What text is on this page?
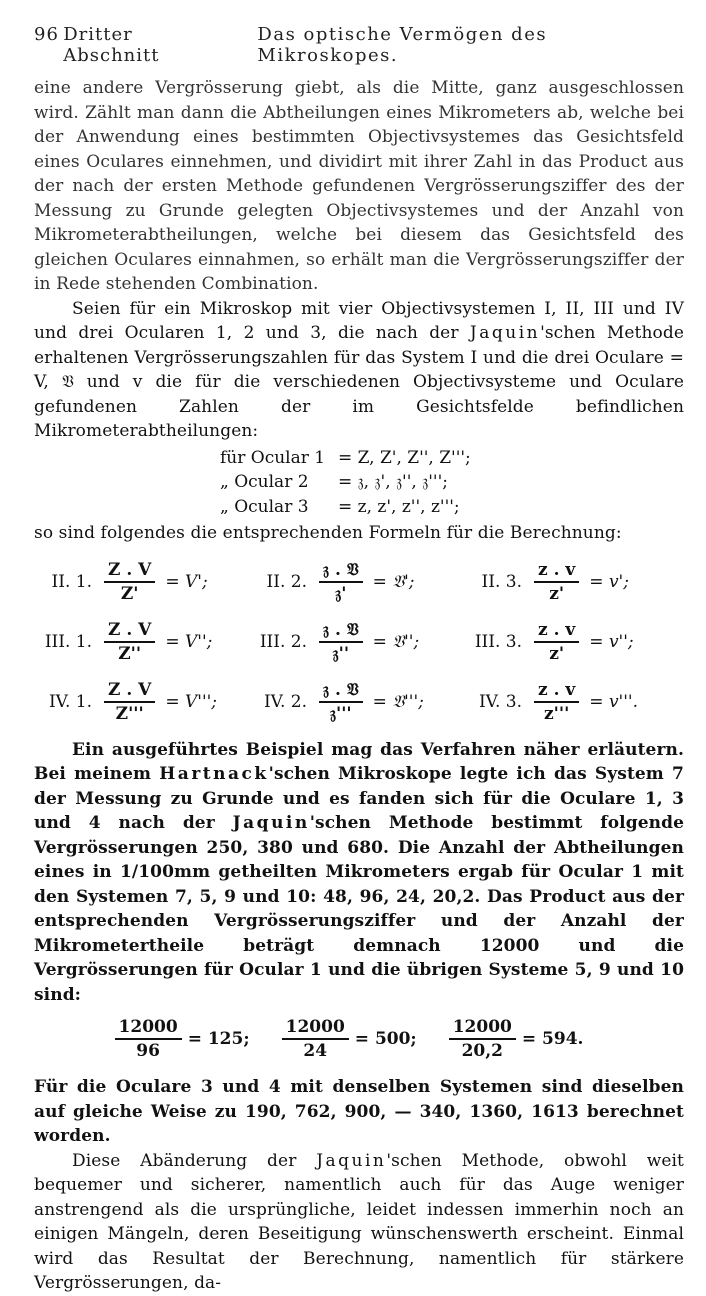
96 Dritter Abschnitt
Das optische Vermögen des Mikroskopes.

eine andere Vergrösserung giebt, als die Mitte, ganz ausgeschlossen wird. Zählt man dann die Abtheilungen eines Mikrometers ab, welche bei der Anwendung eines bestimmten Objectivsystemes das Gesichtsfeld eines Oculares einnehmen, und dividirt mit ihrer Zahl in das Product aus der nach der ersten Methode gefundenen Vergrösserungsziffer des der Messung zu Grunde gelegten Objectivsystemes und der Anzahl von Mikrometerabtheilungen, welche bei diesem das Gesichtsfeld des gleichen Oculares einnahmen, so erhält man die Vergrösserungsziffer der in Rede stehenden Combination.

Seien für ein Mikroskop mit vier Objectivsystemen I, II, III und IV und drei Ocularen 1, 2 und 3, die nach der Jaquin'schen Methode erhaltenen Vergrösserungszahlen für das System I und die drei Oculare = V, 𝔙 und v die für die verschiedenen Objectivsysteme und Oculare gefundenen Zahlen der im Gesichtsfelde befindlichen Mikrometerabtheilungen:

für Ocular 1 = Z, Z', Z'', Z''';
„ Ocular 2	= 𝔷, 𝔷', 𝔷'', 𝔷''';
„ Ocular 3	= z, z', z'', z''';

so sind folgendes die entsprechenden Formeln für die Berechnung:

II. 1. $\frac{Z . V}{Z'} = V'$;	II. 2. $\frac{\text{𝔷 . 𝔙}}{\text{𝔷'}}$ = 𝔙';	II. 3. $\frac{z . v}{z'} = v'$;
III. 1. $\frac{Z . V}{Z''} = V''$;	III. 2. $\frac{\text{𝔷 . 𝔙}}{\text{𝔷''}}$ = 𝔙'';	III. 3. $\frac{z . v}{z'} = v''$;
IV. 1. $\frac{Z . V}{Z'''} = V'''$;	IV. 2. $\frac{\text{𝔷 . 𝔙}}{\text{𝔷'''}}$ = 𝔙''';	IV. 3. $\frac{z . v}{z'''} = v'''$.

Ein ausgeführtes Beispiel mag das Verfahren näher erläutern. Bei meinem Hartnack'schen Mikroskope legte ich das System 7 der Messung zu Grunde und es fanden sich für die Oculare 1, 3 und 4 nach der Jaquin'schen Methode bestimmt folgende Vergrösserungen 250, 380 und 680. Die Anzahl der Abtheilungen eines in 1/100mm getheilten Mikrometers ergab für Ocular 1 mit den Systemen 7, 5, 9 und 10: 48, 96, 24, 20,2. Das Product aus der entsprechenden Vergrösserungsziffer und der Anzahl der Mikrometertheile beträgt demnach 12000 und die Vergrösserungen für Ocular 1 und die übrigen Systeme 5, 9 und 10 sind:

$\frac{12000}{96} = 125$; $\frac{12000}{24} = 500$; $\frac{12000}{20,2} = 594$.

Für die Oculare 3 und 4 mit denselben Systemen sind dieselben auf gleiche Weise zu 190, 762, 900, — 340, 1360, 1613 berechnet worden.

Diese Abänderung der Jaquin'schen Methode, obwohl weit bequemer und sicherer, namentlich auch für das Auge weniger anstrengend als die ursprüngliche, leidet indessen immerhin noch an einigen Mängeln, deren Beseitigung wünschenswerth erscheint. Einmal wird das Resultat der Berechnung, namentlich für stärkere Vergrösserungen, da-
